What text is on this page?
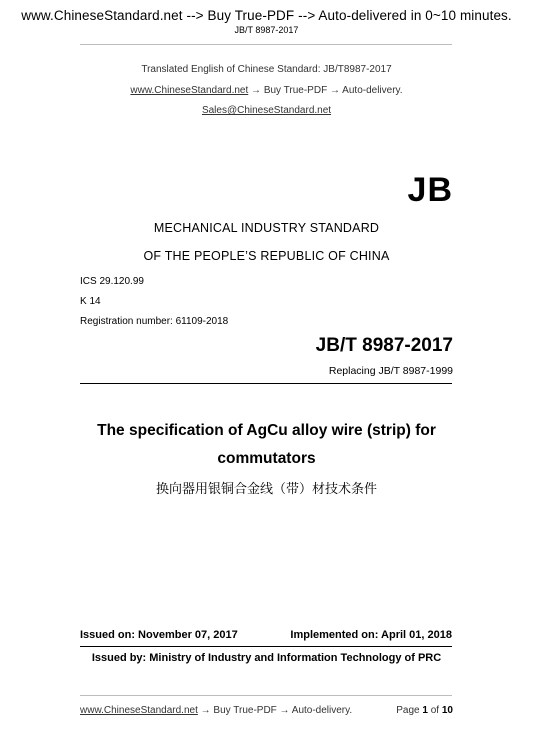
www.ChineseStandard.net --> Buy True-PDF --> Auto-delivered in 0~10 minutes.
JB/T 8987-2017
Translated English of Chinese Standard: JB/T8987-2017
www.ChineseStandard.net → Buy True-PDF → Auto-delivery.
Sales@ChineseStandard.net
JB
MECHANICAL INDUSTRY STANDARD
OF THE PEOPLE’S REPUBLIC OF CHINA
ICS 29.120.99
K 14
Registration number: 61109-2018
JB/T 8987-2017
Replacing JB/T 8987-1999
The specification of AgCu alloy wire (strip) for
commutators
换向器用银铜合金线（带）材技术条件
Issued on: November 07, 2017	Implemented on: April 01, 2018
Issued by: Ministry of Industry and Information Technology of PRC
www.ChineseStandard.net → Buy True-PDF → Auto-delivery.	Page 1 of 10
